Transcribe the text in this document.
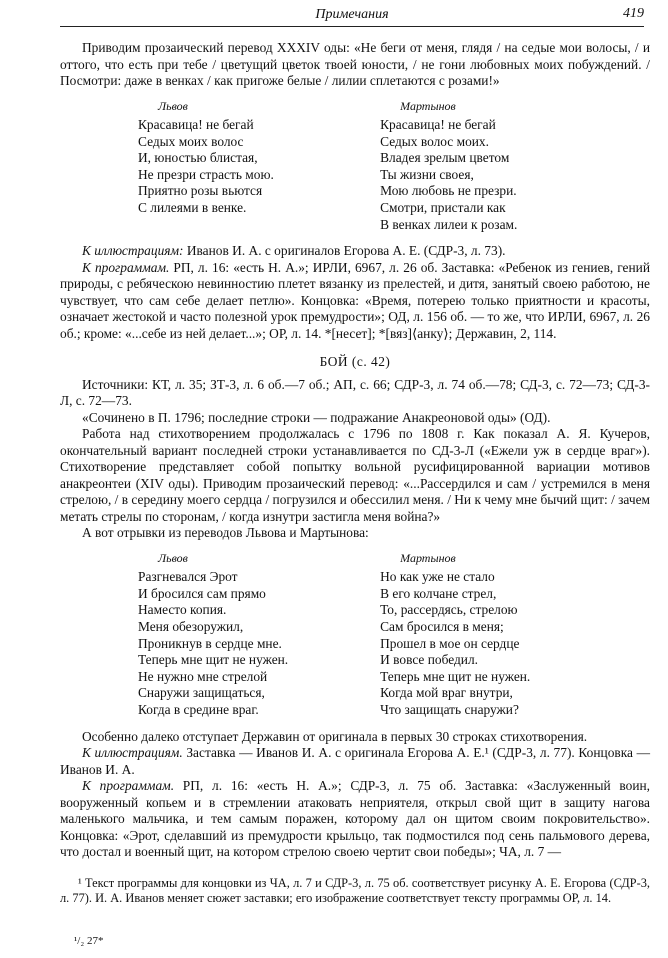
Примечания	419

Приводим прозаический перевод XXXIV оды: «Не беги от меня, глядя / на седые мои волосы, / и оттого, что есть при тебе / цветущий цветок твоей юности, / не гони любовных моих побуждений. / Посмотри: даже в венках / как пригоже белые / лилии сплетаются с розами!»

Львов
Красавица! не бегай
Седых моих волос
И, юностью блистая,
Не презри страсть мою.
Приятно розы вьются
С лилеями в венке.
Мартынов
Красавица! не бегай
Седых волос моих.
Владея зрелым цветом
Ты жизни своея,
Мою любовь не презри.
Смотри, пристали как
В венках лилеи к розам.

К иллюстрациям: Иванов И. А. с оригиналов Егорова А. Е. (СДР-3, л. 73).

К программам. РП, л. 16: «есть Н. А.»; ИРЛИ, 6967, л. 26 об. Заставка: «Ребенок из гениев, гений природы, с ребяческою невинностию плетет вязанку из прелестей, и дитя, занятый своею работою, не чувствует, что сам себе делает петлю». Концовка: «Время, потерею только приятности и красоты, означает жестокой и часто полезной урок премудрости»; ОД, л. 156 об. — то же, что ИРЛИ, 6967, л. 26 об.; кроме: «...себе из ней делает...»; ОР, л. 14. *[несет]; *[вяз]⟨анку⟩; Державин, 2, 114.

БОЙ (с. 42)

Источники: КТ, л. 35; ЗТ-3, л. 6 об.—7 об.; АП, с. 66; СДР-3, л. 74 об.—78; СД-3, с. 72—73; СД-3-Л, с. 72—73.

«Сочинено в П. 1796; последние строки — подражание Анакреоновой оды» (ОД).

Работа над стихотворением продолжалась с 1796 по 1808 г. Как показал А. Я. Кучеров, окончательный вариант последней строки устанавливается по СД-3-Л («Ежели уж в сердце враг»). Стихотворение представляет собой попытку вольной русифицированной вариации мотивов анакреонтеи (XIV оды). Приводим прозаический перевод: «...Рассердился и сам / устремился в меня стрелою, / в середину моего сердца / погрузился и обессилил меня. / Ни к чему мне бычий щит: / зачем метать стрелы по сторонам, / когда изнутри застигла меня война?»

А вот отрывки из переводов Львова и Мартынова:

Львов
Разгневался Эрот
И бросился сам прямо
Наместо копия.
Меня обезоружил,
Проникнув в сердце мне.
Теперь мне щит не нужен.
Не нужно мне стрелой
Снаружи защищаться,
Когда в средине враг.
Мартынов
Но как уже не стало
В его колчане стрел,
То, рассердясь, стрелою
Сам бросился в меня;
Прошел в мое он сердце
И вовсе победил.
Теперь мне щит не нужен.
Когда мой враг внутри,
Что защищать снаружи?

Особенно далеко отступает Державин от оригинала в первых 30 строках стихотворения.

К иллюстрациям. Заставка — Иванов И. А. с оригинала Егорова А. Е.¹ (СДР-3, л. 77). Концовка — Иванов И. А.

К программам. РП, л. 16: «есть Н. А.»; СДР-3, л. 75 об. Заставка: «Заслуженный воин, вооруженный копьем и в стремлении атаковать неприятеля, открыл свой щит в защиту нагова маленького мальчика, и тем самым поражен, которому дал он щитом своим покровительство». Концовка: «Эрот, сделавший из премудрости крыльцо, так подмостился под сень пальмового дерева, что достал и военный щит, на котором стрелою своею чертит свои победы»; ЧА, л. 7 —

¹ Текст программы для концовки из ЧА, л. 7 и СДР-3, л. 75 об. соответствует рисунку А. Е. Егорова (СДР-3, л. 77). И. А. Иванов меняет сюжет заставки; его изображение соответствует тексту программы ОР, л. 14.

¹/₂ 27*
